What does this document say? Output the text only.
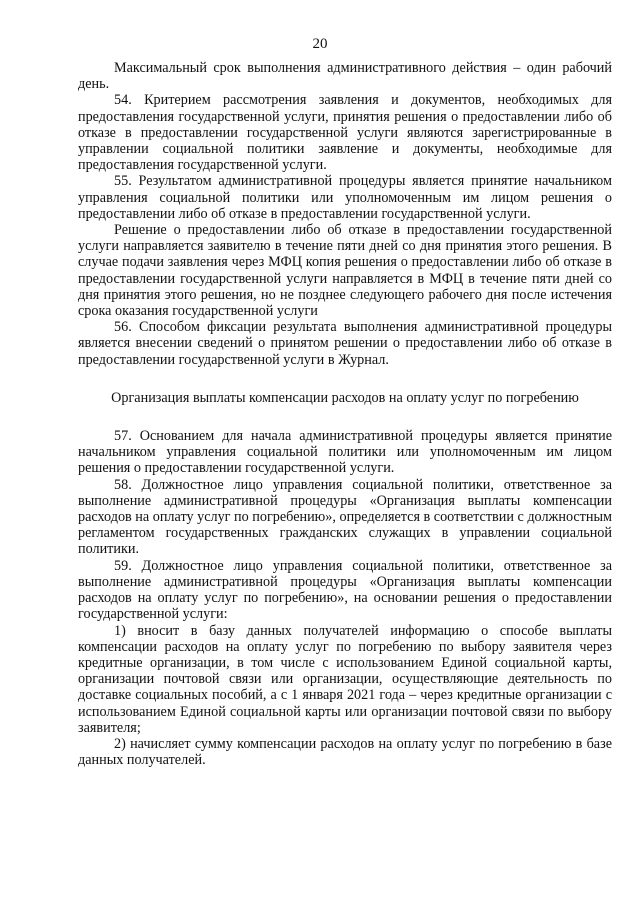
20

Максимальный срок выполнения административного действия – один рабочий день.

54. Критерием рассмотрения заявления и документов, необходимых для предоставления государственной услуги, принятия решения о предоставлении либо об отказе в предоставлении государственной услуги являются зарегистрированные в управлении социальной политики заявление и документы, необходимые для предоставления государственной услуги.

55. Результатом административной процедуры является принятие начальником управления социальной политики или уполномоченным им лицом решения о предоставлении либо об отказе в предоставлении государственной услуги.

Решение о предоставлении либо об отказе в предоставлении государственной услуги направляется заявителю в течение пяти дней со дня принятия этого решения. В случае подачи заявления через МФЦ копия решения о предоставлении либо об отказе в предоставлении государственной услуги направляется в МФЦ в течение пяти дней со дня принятия этого решения, но не позднее следующего рабочего дня после истечения срока оказания государственной услуги

56. Способом фиксации результата выполнения административной процедуры является внесении сведений о принятом решении о предоставлении либо об отказе в предоставлении государственной услуги в Журнал.

Организация выплаты компенсации расходов на оплату услуг по погребению

57. Основанием для начала административной процедуры является принятие начальником управления социальной политики или уполномоченным им лицом решения о предоставлении государственной услуги.

58. Должностное лицо управления социальной политики, ответственное за выполнение административной процедуры «Организация выплаты компенсации расходов на оплату услуг по погребению», определяется в соответствии с должностным регламентом государственных гражданских служащих в управлении социальной политики.

59. Должностное лицо управления социальной политики, ответственное за выполнение административной процедуры «Организация выплаты компенсации расходов на оплату услуг по погребению», на основании решения о предоставлении государственной услуги:

1) вносит в базу данных получателей информацию о способе выплаты компенсации расходов на оплату услуг по погребению по выбору заявителя через кредитные организации, в том числе с использованием Единой социальной карты, организации почтовой связи или организации, осуществляющие деятельность по доставке социальных пособий, а с 1 января 2021 года – через кредитные организации с использованием Единой социальной карты или организации почтовой связи по выбору заявителя;

2) начисляет сумму компенсации расходов на оплату услуг по погребению в базе данных получателей.
